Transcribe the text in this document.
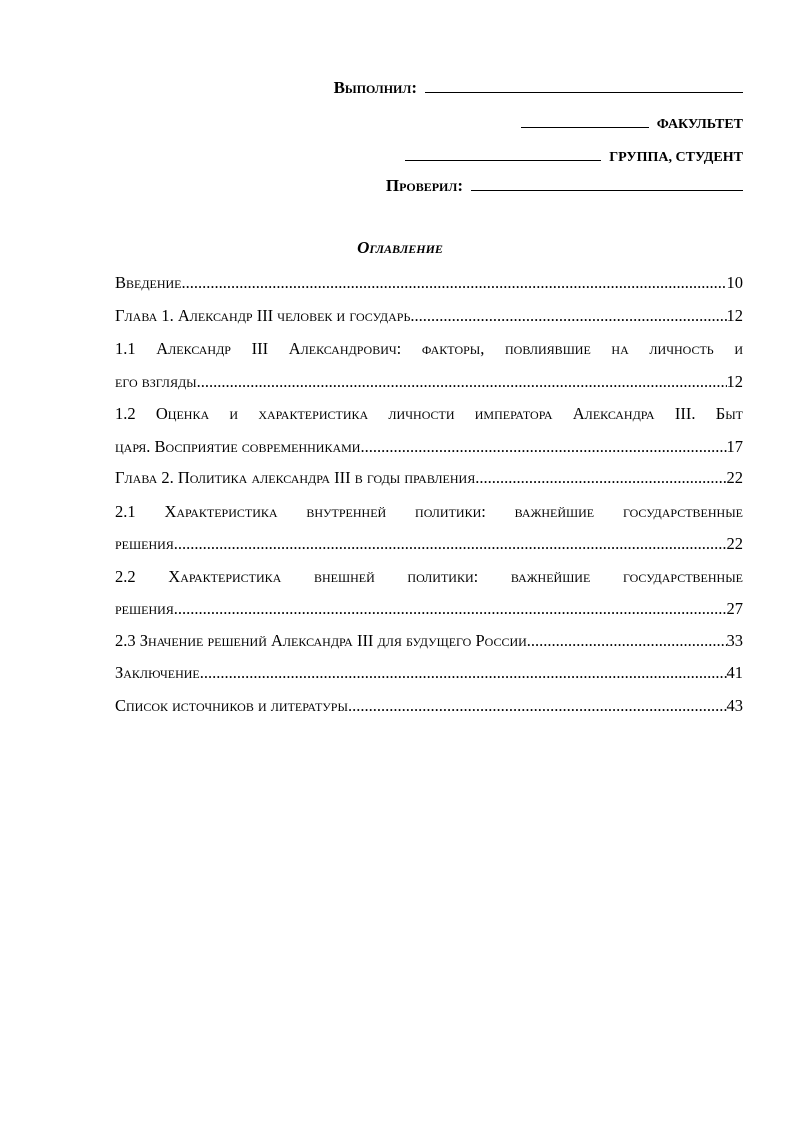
Выполнил:
ФАКУЛЬТЕТ
ГРУППА, СТУДЕНТ
Проверил:
Оглавление
Введение .....	10
Глава 1. Александр III человек и государь .....	12
1.1 Александр III Александрович: факторы, повлиявшие на личность и
его взгляды .....	12
1.2 Оценка и характеристика личности императора Александра III. Быт
царя. Восприятие современниками .....	17
Глава 2. Политика александра III в годы правления .....	22
2.1 Характеристика внутренней политики: важнейшие государственные
решения .....	22
2.2 Характеристика внешней политики: важнейшие государственные
решения .....	27
2.3 Значение решений Александра III для будущего России .....	33
Заключение .....	41
Список источников и литературы .....	43
